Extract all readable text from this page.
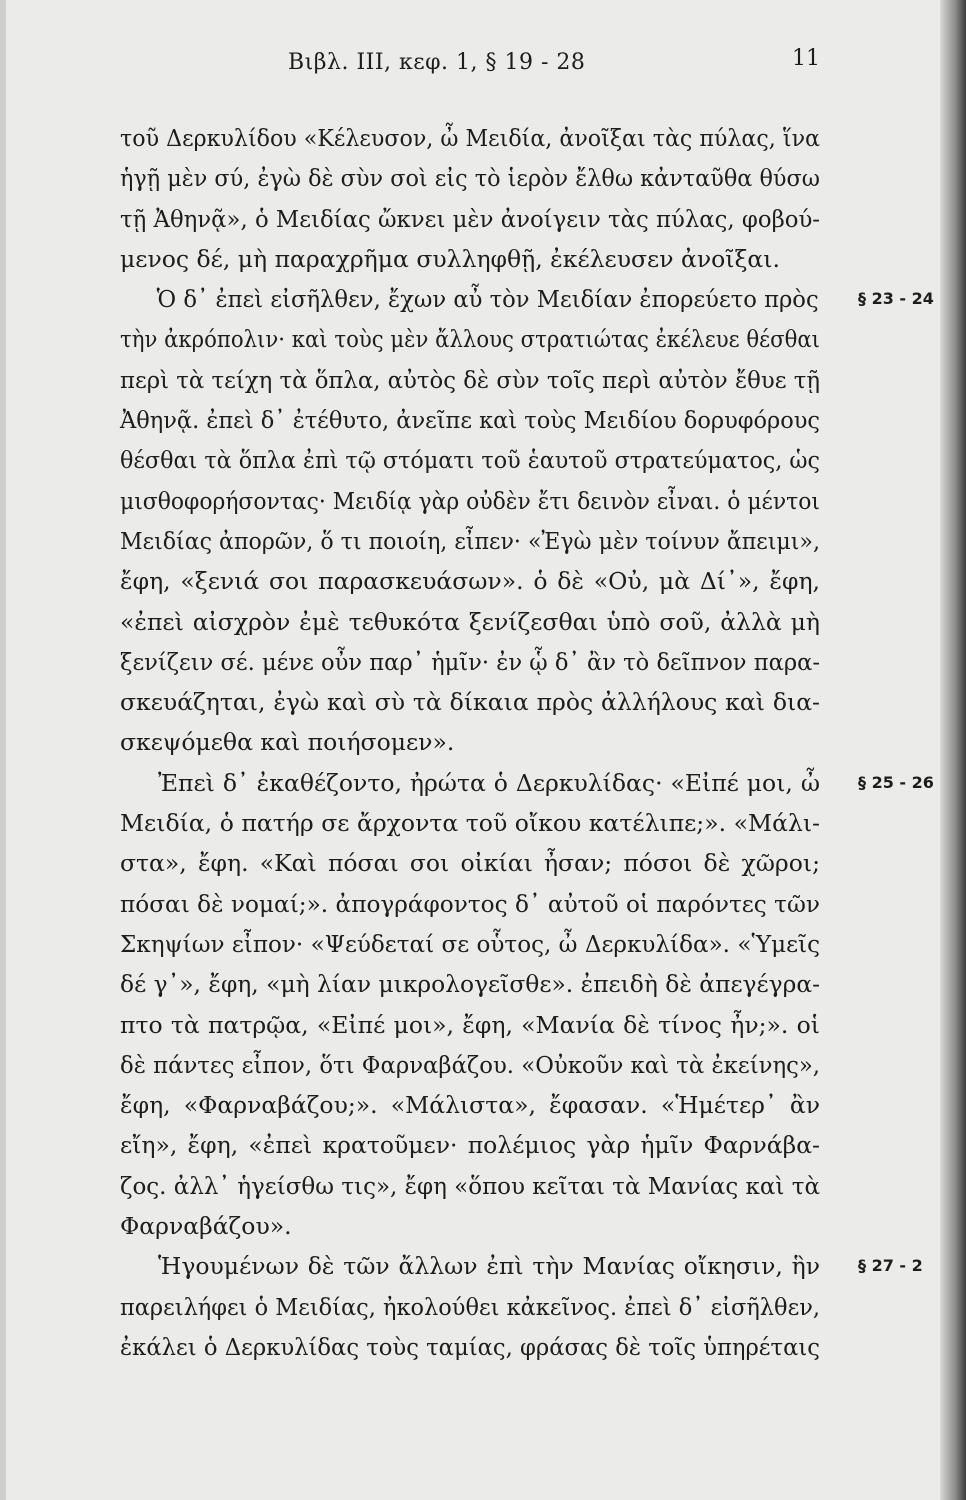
Βιβλ. ΙΙΙ, κεφ. 1, § 19 - 28	11
τοῦ Δερκυλίδου «Κέλευσον, ὦ Μειδία, ἀνοῖξαι τὰς πύλας, ἵνα
ἡγῇ μὲν σύ, ἐγὼ δὲ σὺν σοὶ εἰς τὸ ἱερὸν ἔλθω κἀνταῦθα θύσω
τῇ Ἀθηνᾷ», ὁ Μειδίας ὤκνει μὲν ἀνοίγειν τὰς πύλας, φοβού-
μενος δέ, μὴ παραχρῆμα συλληφθῇ, ἐκέλευσεν ἀνοῖξαι.
Ὁ δ᾽ ἐπεὶ εἰσῆλθεν, ἔχων αὖ τὸν Μειδίαν ἐπορεύετο πρὸς § 23 - 24
τὴν ἀκρόπολιν· καὶ τοὺς μὲν ἄλλους στρατιώτας ἐκέλευε θέσθαι
περὶ τὰ τείχη τὰ ὅπλα, αὐτὸς δὲ σὺν τοῖς περὶ αὐτὸν ἔθυε τῇ
Ἀθηνᾷ. ἐπεὶ δ᾽ ἐτέθυτο, ἀνεῖπε καὶ τοὺς Μειδίου δορυφόρους
θέσθαι τὰ ὅπλα ἐπὶ τῷ στόματι τοῦ ἑαυτοῦ στρατεύματος, ὡς
μισθοφορήσοντας· Μειδίᾳ γὰρ οὐδὲν ἔτι δεινὸν εἶναι. ὁ μέντοι
Μειδίας ἀπορῶν, ὅ τι ποιοίη, εἶπεν· «Ἐγὼ μὲν τοίνυν ἄπειμι»,
ἔφη, «ξενιά σοι παρασκευάσων». ὁ δὲ «Οὐ, μὰ Δί᾽», ἔφη,
«ἐπεὶ αἰσχρὸν ἐμὲ τεθυκότα ξενίζεσθαι ὑπὸ σοῦ, ἀλλὰ μὴ
ξενίζειν σέ. μένε οὖν παρ᾽ ἡμῖν· ἐν ᾧ δ᾽ ἂν τὸ δεῖπνον παρα-
σκευάζηται, ἐγὼ καὶ σὺ τὰ δίκαια πρὸς ἀλλήλους καὶ δια-
σκεψόμεθα καὶ ποιήσομεν».
Ἐπεὶ δ᾽ ἐκαθέζοντο, ἠρώτα ὁ Δερκυλίδας· «Εἰπέ μοι, ὦ § 25 - 26
Μειδία, ὁ πατήρ σε ἄρχοντα τοῦ οἴκου κατέλιπε;». «Μάλι-
στα», ἔφη. «Καὶ πόσαι σοι οἰκίαι ἦσαν; πόσοι δὲ χῶροι;
πόσαι δὲ νομαί;». ἀπογράφοντος δ᾽ αὐτοῦ οἱ παρόντες τῶν
Σκηψίων εἶπον· «Ψεύδεταί σε οὗτος, ὦ Δερκυλίδα». «Ὑμεῖς
δέ γ᾽», ἔφη, «μὴ λίαν μικρολογεῖσθε». ἐπειδὴ δὲ ἀπεγέγρα-
πτο τὰ πατρῷα, «Εἰπέ μοι», ἔφη, «Μανία δὲ τίνος ἦν;». οἱ
δὲ πάντες εἶπον, ὅτι Φαρναβάζου. «Οὐκοῦν καὶ τὰ ἐκείνης»,
ἔφη, «Φαρναβάζου;». «Μάλιστα», ἔφασαν. «Ἡμέτερ᾽ ἂν
εἴη», ἔφη, «ἐπεὶ κρατοῦμεν· πολέμιος γὰρ ἡμῖν Φαρνάβα-
ζος. ἀλλ᾽ ἡγείσθω τις», ἔφη «ὅπου κεῖται τὰ Μανίας καὶ τὰ
Φαρναβάζου».
Ἡγουμένων δὲ τῶν ἄλλων ἐπὶ τὴν Μανίας οἴκησιν, ἣν § 27 - 2
παρειλήφει ὁ Μειδίας, ἠκολούθει κἀκεῖνος. ἐπεὶ δ᾽ εἰσῆλθεν,
ἐκάλει ὁ Δερκυλίδας τοὺς ταμίας, φράσας δὲ τοῖς ὑπηρέταις
